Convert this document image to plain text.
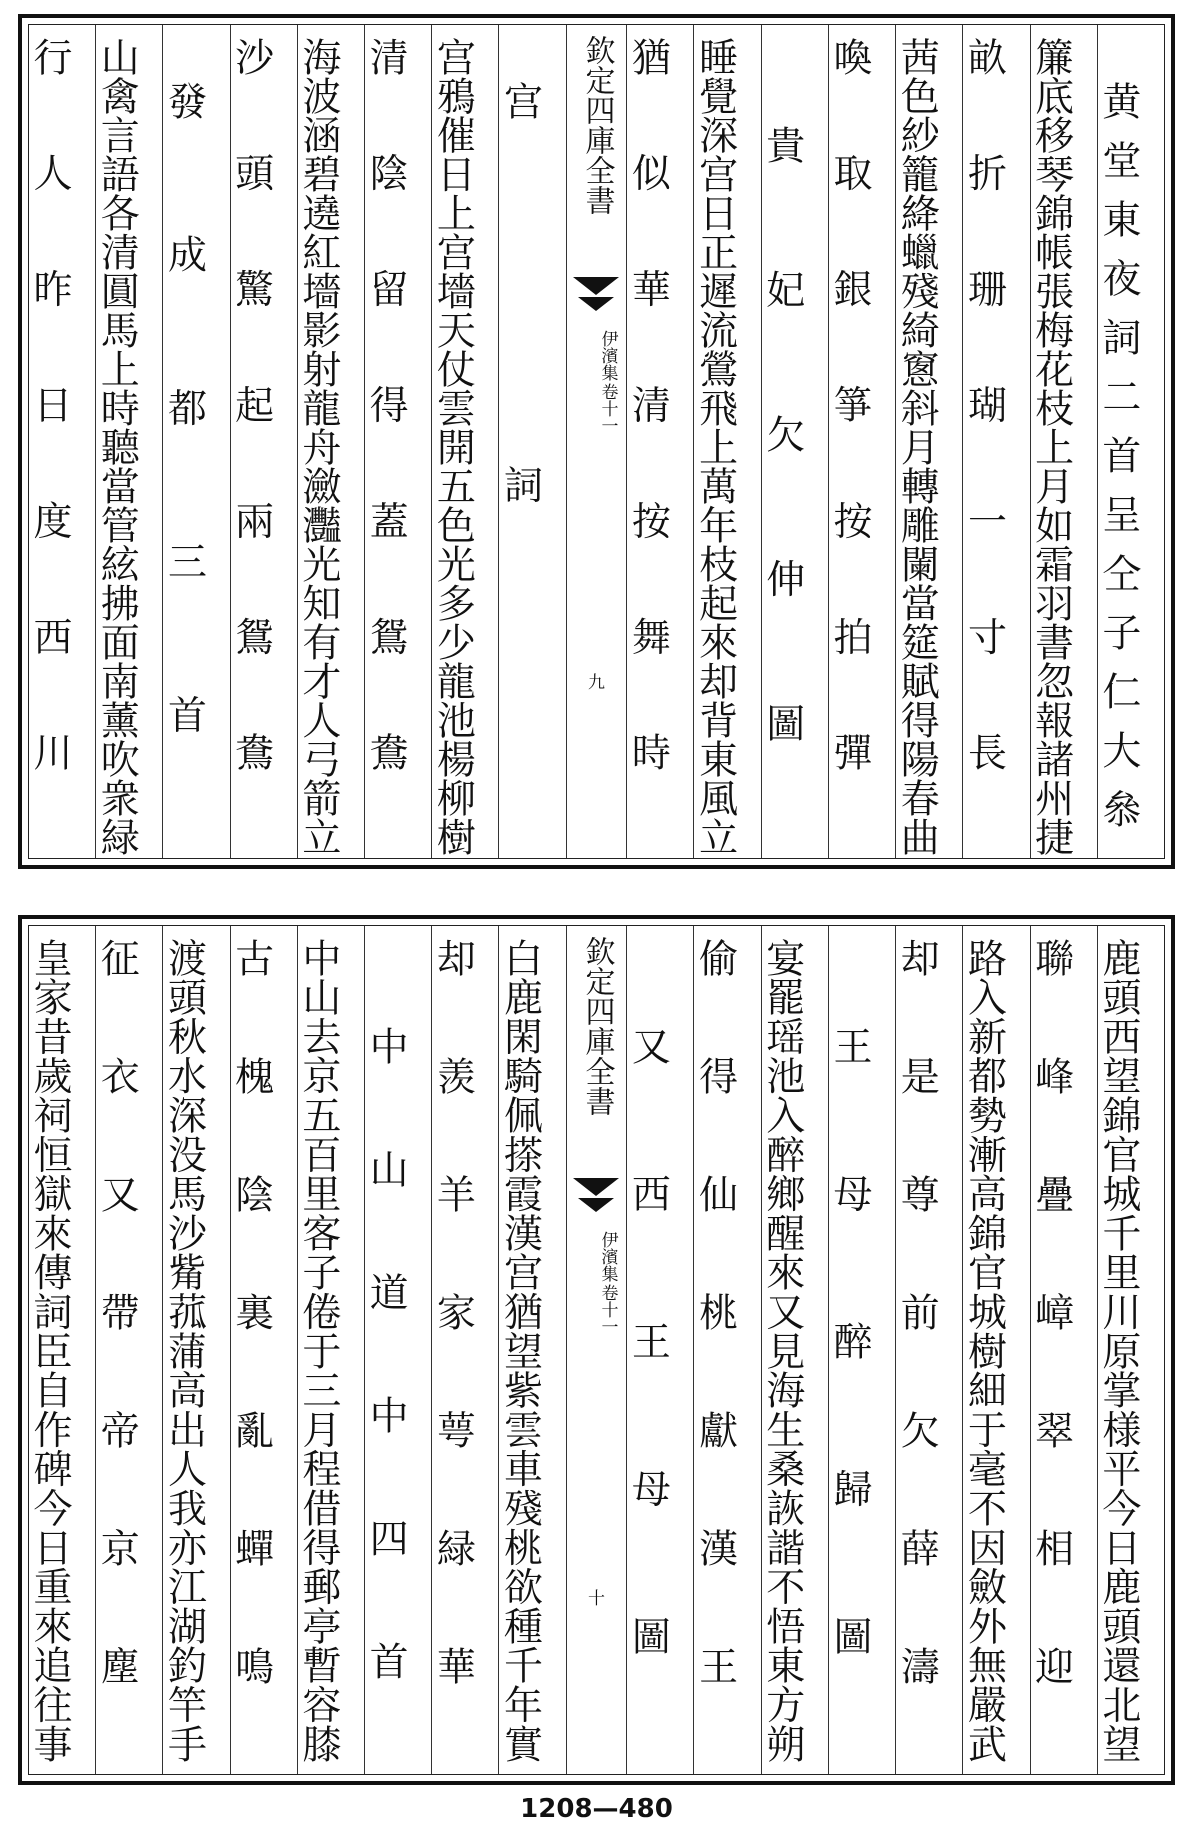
黄堂東夜詞二首呈仝子仁大叅
簾底移琴錦帳張梅花枝上月如霜羽書忽報諸州捷
畝折珊瑚一寸長
茜色紗籠絳蠟殘綺窻斜月轉雕闌當筵賦得陽春曲
喚取銀箏按拍彈
貴妃欠伸圖
睡覺深宫日正遲流鶯飛上萬年枝起來却背東風立
猶似華清按舞時
欽定四庫全書
伊濱集
卷十一
九
宫詞
宫鴉催日上宫墻天仗雲開五色光多少龍池楊柳樹
清陰留得蓋鴛鴦
海波涵碧遶紅墻影射龍舟瀲灩光知有才人弓箭立
沙頭驚起兩鴛鴦
發成都三首
山禽言語各清圓馬上時聽當管絃拂面南薰吹衆緑
行人昨日度西川
鹿頭西望錦官城千里川原掌様平今日鹿頭還北望
聯峰疊嶂翠相迎
路入新都勢漸高錦官城樹細于毫不因斂外無嚴武
却是尊前欠薛濤
王母醉歸圖
宴罷瑶池入醉鄉醒來又見海生桑詼諧不悟東方朔
偷得仙桃獻漢王
又西王母圖
欽定四庫全書
伊濱集
卷十一
十
白鹿閑騎佩搽霞漢宫猶望紫雲車殘桃欲種千年實
却羡羊家萼緑華
中山道中四首
中山去京五百里客子倦于三月程借得郵亭暫容膝
古槐陰裏亂蟬鳴
渡頭秋水深没馬沙觜菰蒲高出人我亦江湖釣竿手
征衣又帶帝京塵
皇家昔歲祠恒獄來傳詞臣自作碑今日重來追往事
1208—480
